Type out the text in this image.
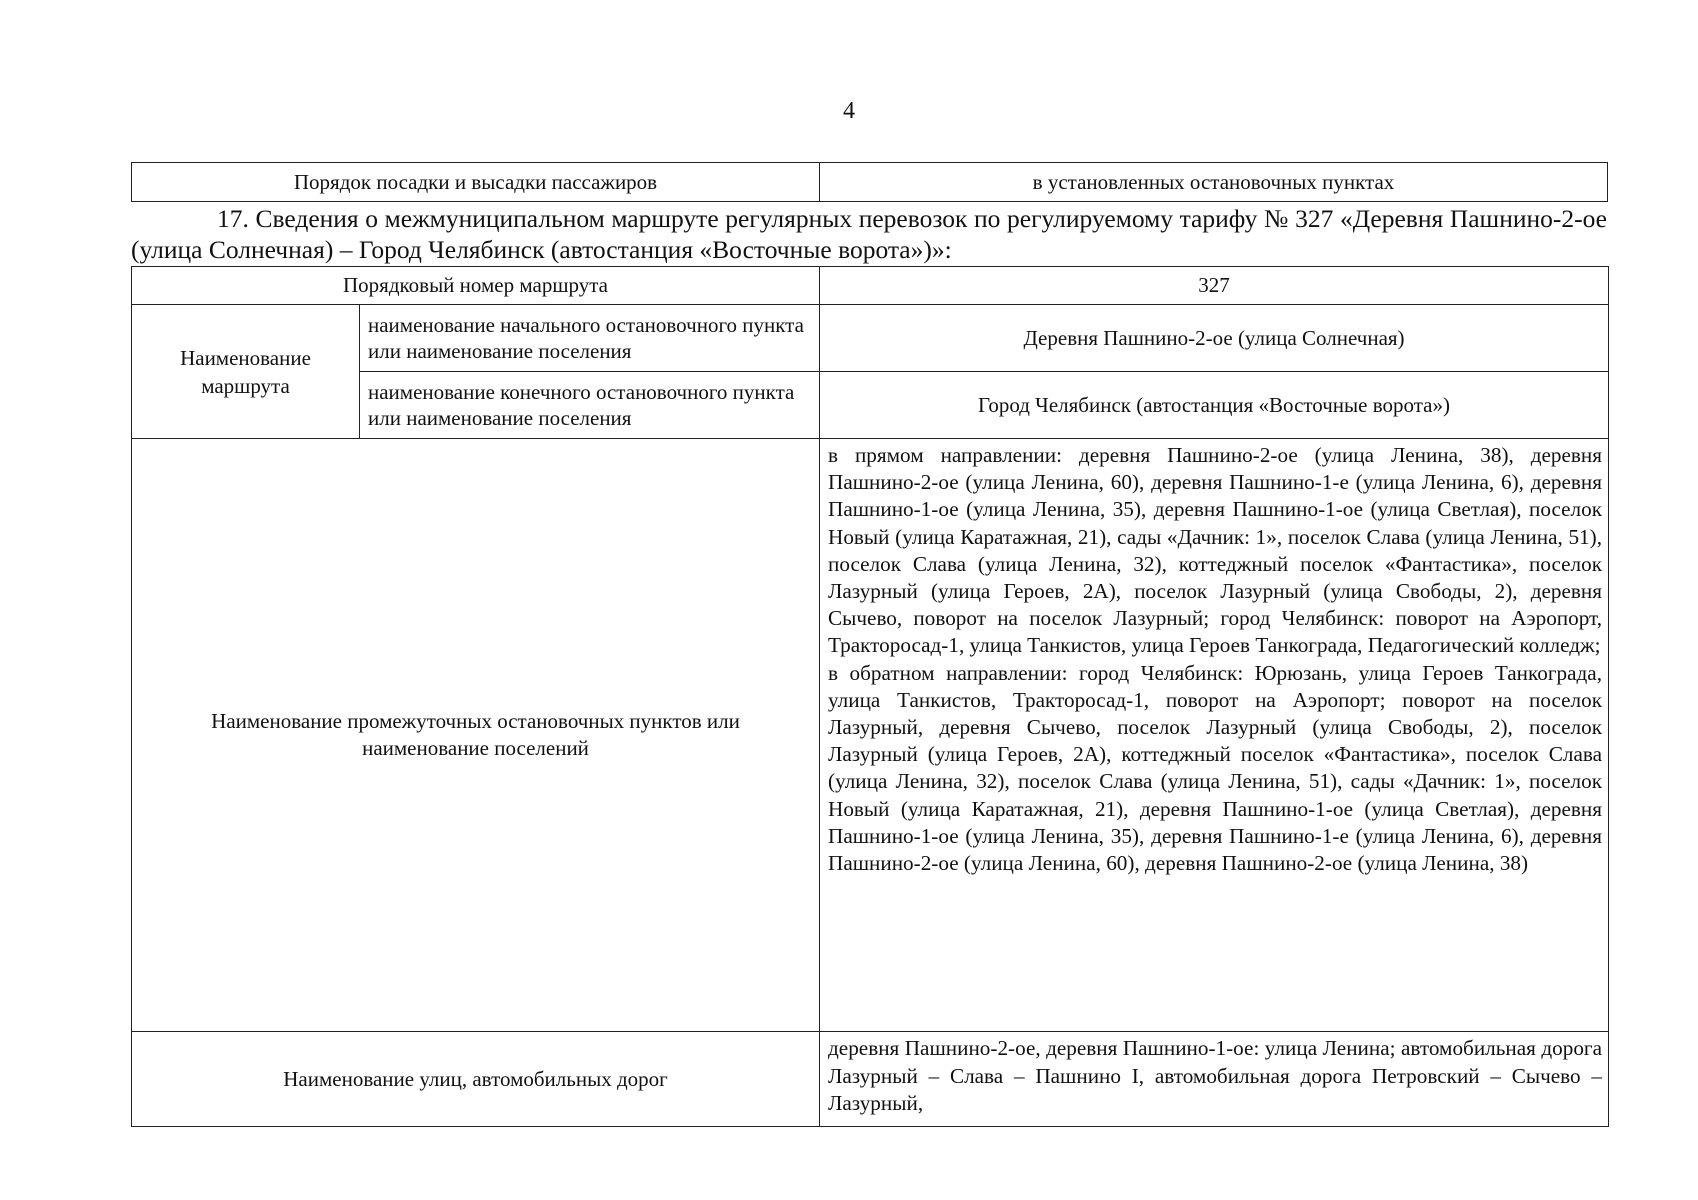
4
Порядок посадки и высадки пассажиров	в установленных остановочных пунктах
17. Сведения о межмуниципальном маршруте регулярных перевозок по регулируемому тарифу № 327 «Деревня Пашнино-2-ое (улица Солнечная) – Город Челябинск (автостанция «Восточные ворота»)»:
Порядковый номер маршрута		327

Наименование маршрута	наименование начального остановочного пункта или наименование поселения	Деревня Пашнино-2-ое (улица Солнечная)

	наименование конечного остановочного пункта или наименование поселения	Город Челябинск (автостанция «Восточные ворота»)

Наименование промежуточных остановочных пунктов или наименование поселений		в прямом направлении: деревня Пашнино-2-ое (улица Ленина, 38), деревня Пашнино-2-ое (улица Ленина, 60), деревня Пашнино-1-е (улица Ленина, 6), деревня Пашнино-1-ое (улица Ленина, 35), деревня Пашнино-1-ое (улица Светлая), поселок Новый (улица Каратажная, 21), сады «Дачник: 1», поселок Слава (улица Ленина, 51), поселок Слава (улица Ленина, 32), коттеджный поселок «Фантастика», поселок Лазурный (улица Героев, 2А), поселок Лазурный (улица Свободы, 2), деревня Сычево, поворот на поселок Лазурный; город Челябинск: поворот на Аэропорт, Тракторосад-1, улица Танкистов, улица Героев Танкограда, Педагогический колледж;
в обратном направлении: город Челябинск: Юрюзань, улица Героев Танкограда, улица Танкистов, Тракторосад-1, поворот на Аэропорт; поворот на поселок Лазурный, деревня Сычево, поселок Лазурный (улица Свободы, 2), поселок Лазурный (улица Героев, 2А), коттеджный поселок «Фантастика», поселок Слава (улица Ленина, 32), поселок Слава (улица Ленина, 51), сады «Дачник: 1», поселок Новый (улица Каратажная, 21), деревня Пашнино-1-ое (улица Светлая), деревня Пашнино-1-ое (улица Ленина, 35), деревня Пашнино-1-е (улица Ленина, 6), деревня Пашнино-2-ое (улица Ленина, 60), деревня Пашнино-2-ое (улица Ленина, 38)

Наименование улиц, автомобильных дорог		деревня Пашнино-2-ое, деревня Пашнино-1-ое: улица Ленина; автомобильная дорога Лазурный – Слава – Пашнино I, автомобильная дорога Петровский – Сычево – Лазурный,
